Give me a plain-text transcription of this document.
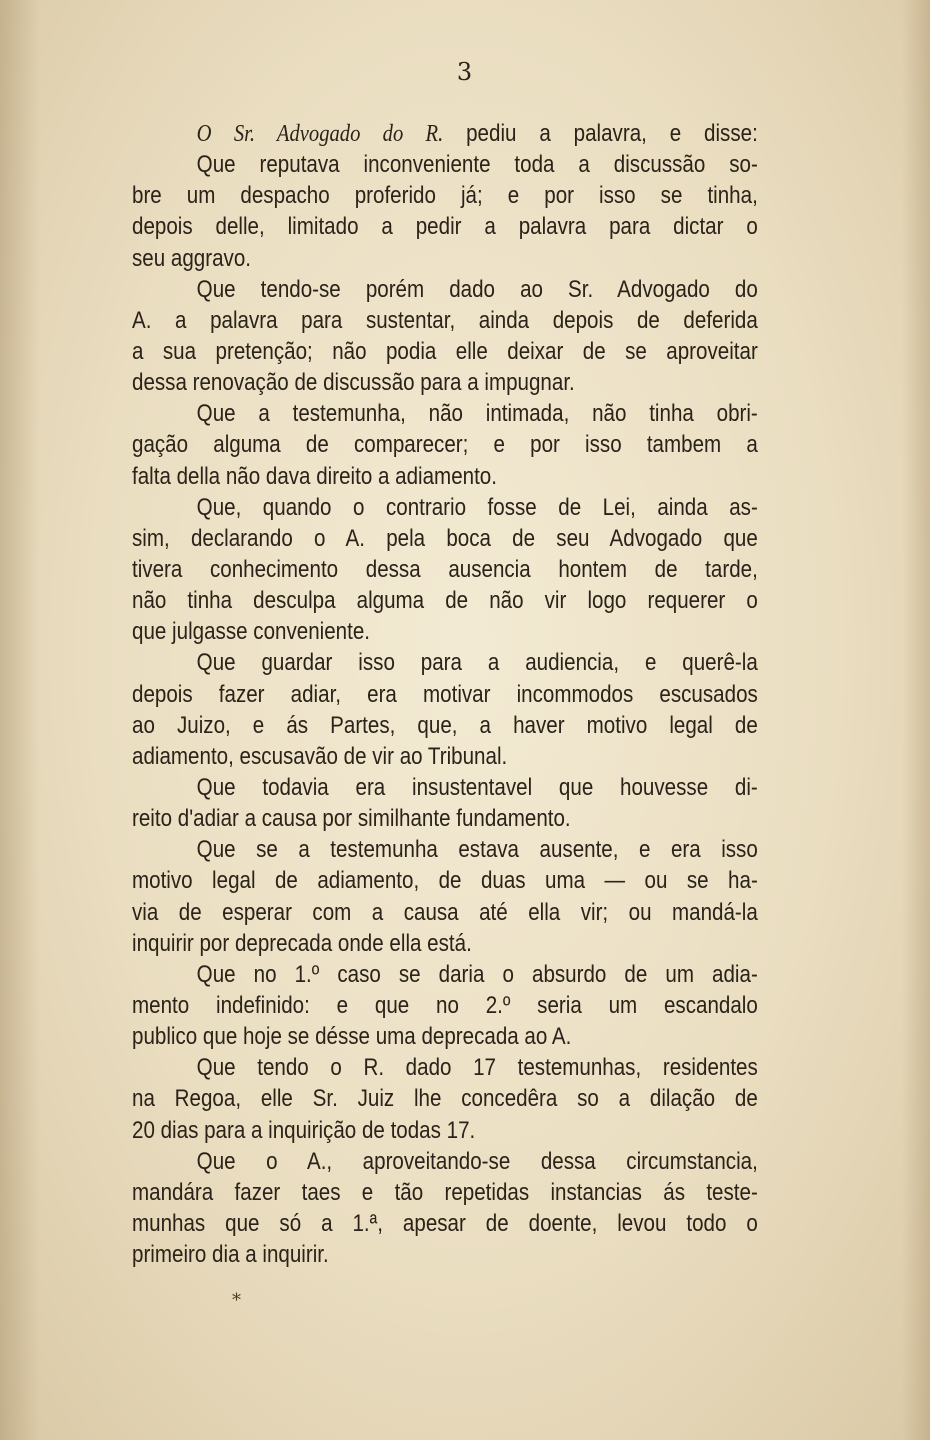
3
O Sr. Advogado do R. pediu a palavra, e disse:
Que reputava inconveniente toda a discussão so-
bre um despacho proferido já; e por isso se tinha,
depois delle, limitado a pedir a palavra para dictar o
seu aggravo.
Que tendo-se porém dado ao Sr. Advogado do
A. a palavra para sustentar, ainda depois de deferida
a sua pretenção; não podia elle deixar de se aproveitar
dessa renovação de discussão para a impugnar.
Que a testemunha, não intimada, não tinha obri-
gação alguma de comparecer; e por isso tambem a
falta della não dava direito a adiamento.
Que, quando o contrario fosse de Lei, ainda as-
sim, declarando o A. pela boca de seu Advogado que
tivera conhecimento dessa ausencia hontem de tarde,
não tinha desculpa alguma de não vir logo requerer o
que julgasse conveniente.
Que guardar isso para a audiencia, e querê-la
depois fazer adiar, era motivar incommodos escusados
ao Juizo, e ás Partes, que, a haver motivo legal de
adiamento, escusavão de vir ao Tribunal.
Que todavia era insustentavel que houvesse di-
reito d'adiar a causa por similhante fundamento.
Que se a testemunha estava ausente, e era isso
motivo legal de adiamento, de duas uma — ou se ha-
via de esperar com a causa até ella vir; ou mandá-la
inquirir por deprecada onde ella está.
Que no 1.º caso se daria o absurdo de um adia-
mento indefinido: e que no 2.º seria um escandalo
publico que hoje se désse uma deprecada ao A.
Que tendo o R. dado 17 testemunhas, residentes
na Regoa, elle Sr. Juiz lhe concedêra so a dilação de
20 dias para a inquirição de todas 17.
Que o A., aproveitando-se dessa circumstancia,
mandára fazer taes e tão repetidas instancias ás teste-
munhas que só a 1.ª, apesar de doente, levou todo o
primeiro dia a inquirir.
*
